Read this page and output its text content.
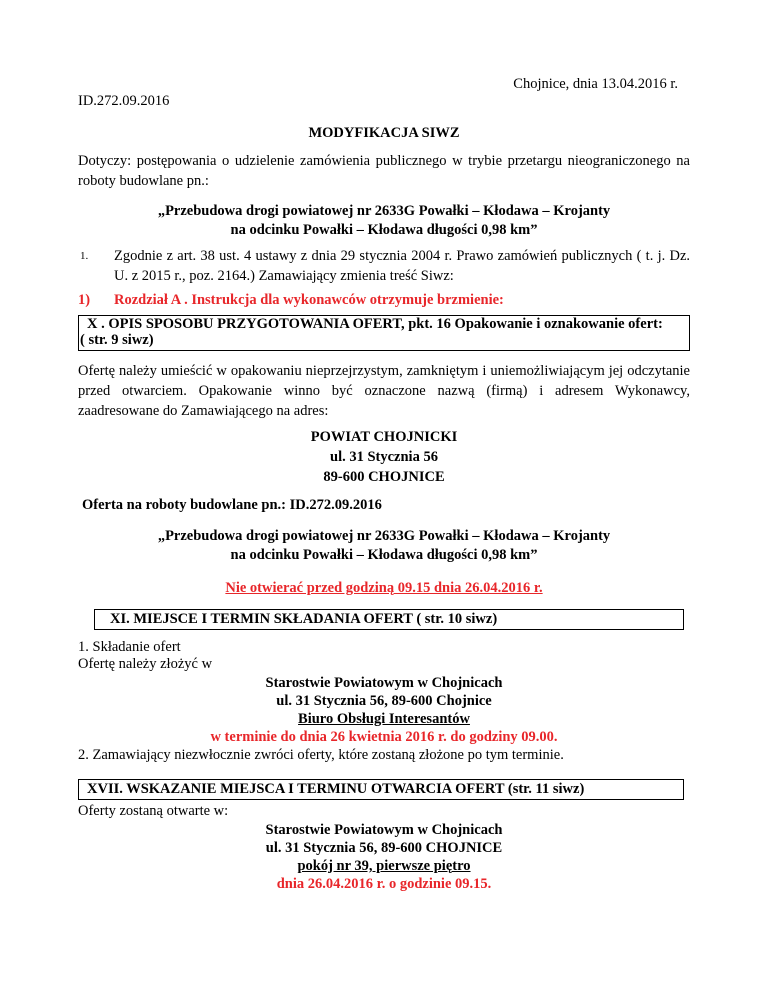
Chojnice, dnia 13.04.2016 r.
ID.272.09.2016
MODYFIKACJA SIWZ
Dotyczy: postępowania o udzielenie zamówienia publicznego w trybie przetargu nieograniczonego na roboty budowlane pn.:
„Przebudowa drogi powiatowej nr 2633G Powałki – Kłodawa – Krojanty
na odcinku Powałki – Kłodawa długości 0,98 km”
1. Zgodnie z art. 38 ust. 4 ustawy z dnia 29 stycznia 2004 r. Prawo zamówień publicznych ( t. j. Dz. U. z 2015 r., poz. 2164.) Zamawiający zmienia treść Siwz:
1) Rozdział A . Instrukcja dla wykonawców otrzymuje brzmienie:
X . OPIS SPOSOBU PRZYGOTOWANIA OFERT, pkt. 16 Opakowanie i oznakowanie ofert:
( str. 9 siwz)
Ofertę należy umieścić w opakowaniu nieprzejrzystym, zamkniętym i uniemożliwiającym jej odczytanie przed otwarciem. Opakowanie winno być oznaczone nazwą (firmą) i adresem Wykonawcy, zaadresowane do Zamawiającego na adres:
POWIAT CHOJNICKI
ul. 31 Stycznia 56
89-600 CHOJNICE
Oferta na roboty budowlane pn.: ID.272.09.2016
„Przebudowa drogi powiatowej nr 2633G Powałki – Kłodawa – Krojanty
na odcinku Powałki – Kłodawa długości 0,98 km”
Nie otwierać przed godziną 09.15 dnia 26.04.2016 r.
XI. MIEJSCE I TERMIN SKŁADANIA OFERT ( str. 10 siwz)
1. Składanie ofert
Ofertę należy złożyć w
Starostwie Powiatowym w Chojnicach
ul. 31 Stycznia 56, 89-600 Chojnice
Biuro Obsługi Interesantów
w terminie do dnia 26 kwietnia 2016 r. do godziny 09.00.
2. Zamawiający niezwłocznie zwróci oferty, które zostaną złożone po tym terminie.
XVII. WSKAZANIE MIEJSCA I TERMINU OTWARCIA OFERT (str. 11 siwz)
Oferty zostaną otwarte w:
Starostwie Powiatowym w Chojnicach
ul. 31 Stycznia 56, 89-600 CHOJNICE
pokój nr 39, pierwsze piętro
dnia 26.04.2016 r. o godzinie 09.15.
